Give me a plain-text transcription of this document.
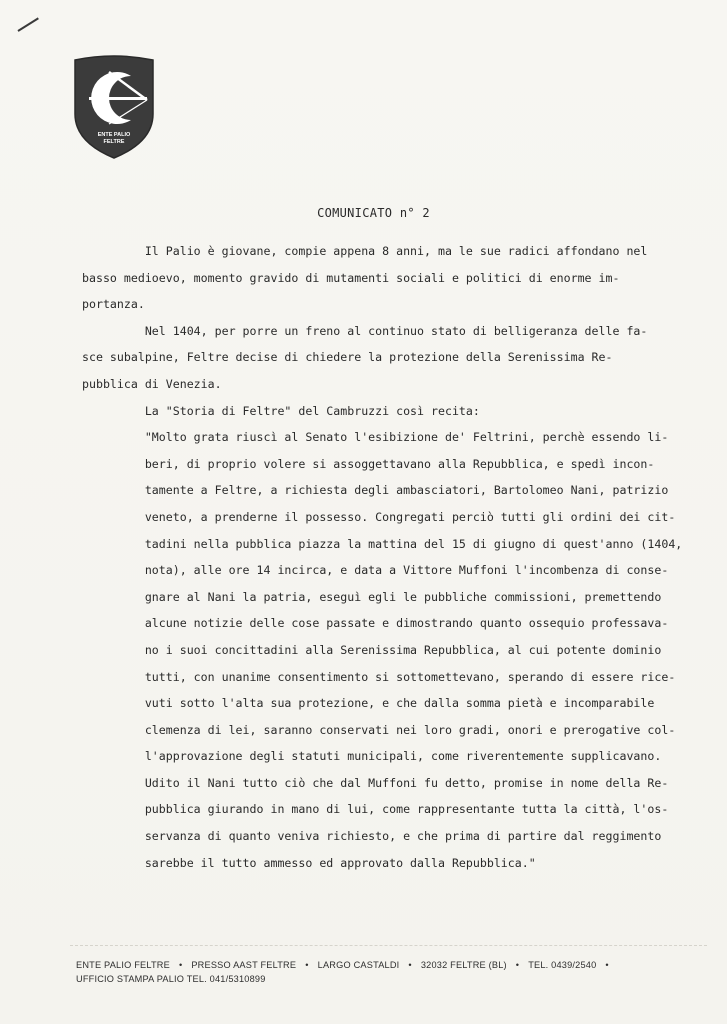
ENTE PALIO
FELTRE
COMUNICATO n° 2
Il Palio è giovane, compie appena 8 anni, ma le sue radici affondano nel
basso medioevo, momento gravido di mutamenti sociali e politici di enorme im-
portanza.
Nel 1404, per porre un freno al continuo stato di belligeranza delle fa-
sce subalpine, Feltre decise di chiedere la protezione della Serenissima Re-
pubblica di Venezia.
La "Storia di Feltre" del Cambruzzi così recita:
"Molto grata riuscì al Senato l'esibizione de' Feltrini, perchè essendo li-
beri, di proprio volere si assoggettavano alla Repubblica, e spedì incon-
tamente a Feltre, a richiesta degli ambasciatori, Bartolomeo Nani, patrizio
veneto, a prenderne il possesso. Congregati perciò tutti gli ordini dei cit-
tadini nella pubblica piazza la mattina del 15 di giugno di quest'anno (1404,
nota), alle ore 14 incirca, e data a Vittore Muffoni l'incombenza di conse-
gnare al Nani la patria, eseguì egli le pubbliche commissioni, premettendo
alcune notizie delle cose passate e dimostrando quanto ossequio professava-
no i suoi concittadini alla Serenissima Repubblica, al cui potente dominio
tutti, con unanime consentimento si sottomettevano, sperando di essere rice-
vuti sotto l'alta sua protezione, e che dalla somma pietà e incomparabile
clemenza di lei, saranno conservati nei loro gradi, onori e prerogative col-
l'approvazione degli statuti municipali, come riverentemente supplicavano.
Udito il Nani tutto ciò che dal Muffoni fu detto, promise in nome della Re-
pubblica giurando in mano di lui, come rappresentante tutta la città, l'os-
servanza di quanto veniva richiesto, e che prima di partire dal reggimento
sarebbe il tutto ammesso ed approvato dalla Repubblica."
ENTE PALIO FELTRE • PRESSO AAST FELTRE • LARGO CASTALDI • 32032 FELTRE (BL) • TEL. 0439/2540 •
UFFICIO STAMPA PALIO TEL. 041/5310899
